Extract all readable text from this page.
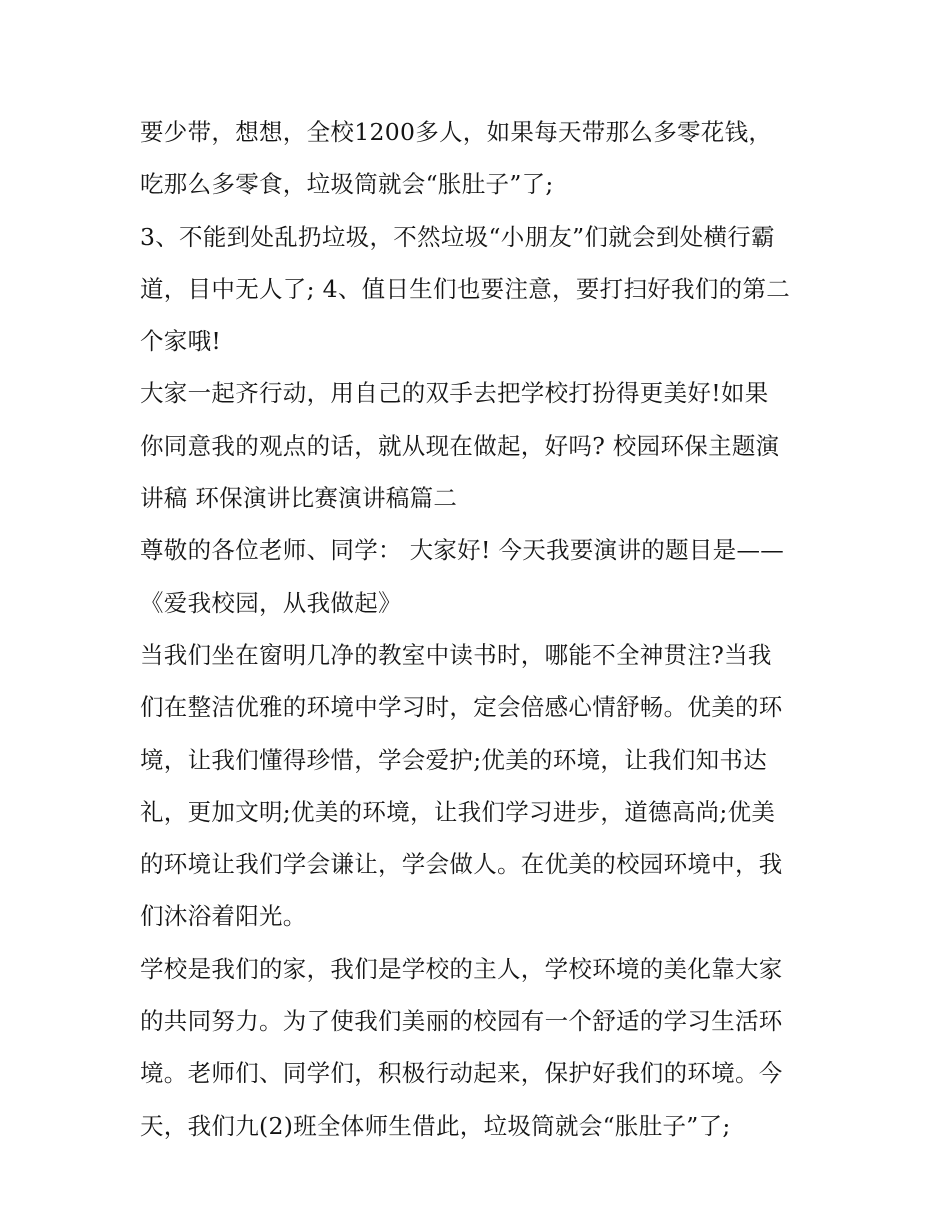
要少带，想想，全校1200多人，如果每天带那么多零花钱，
吃那么多零食，垃圾筒就会“胀肚子”了;
3、不能到处乱扔垃圾，不然垃圾“小朋友”们就会到处横行霸
道，目中无人了; 4、值日生们也要注意，要打扫好我们的第二
个家哦!
大家一起齐行动，用自己的双手去把学校打扮得更美好!如果
你同意我的观点的话，就从现在做起，好吗? 校园环保主题演
讲稿 环保演讲比赛演讲稿篇二
尊敬的各位老师、同学： 大家好! 今天我要演讲的题目是——
《爱我校园，从我做起》
当我们坐在窗明几净的教室中读书时，哪能不全神贯注?当我
们在整洁优雅的环境中学习时，定会倍感心情舒畅。优美的环
境，让我们懂得珍惜，学会爱护;优美的环境，让我们知书达
礼，更加文明;优美的环境，让我们学习进步，道德高尚;优美
的环境让我们学会谦让，学会做人。在优美的校园环境中，我
们沐浴着阳光。
学校是我们的家，我们是学校的主人，学校环境的美化靠大家
的共同努力。为了使我们美丽的校园有一个舒适的学习生活环
境。老师们、同学们，积极行动起来，保护好我们的环境。今
天，我们九(2)班全体师生借此，垃圾筒就会“胀肚子”了;
